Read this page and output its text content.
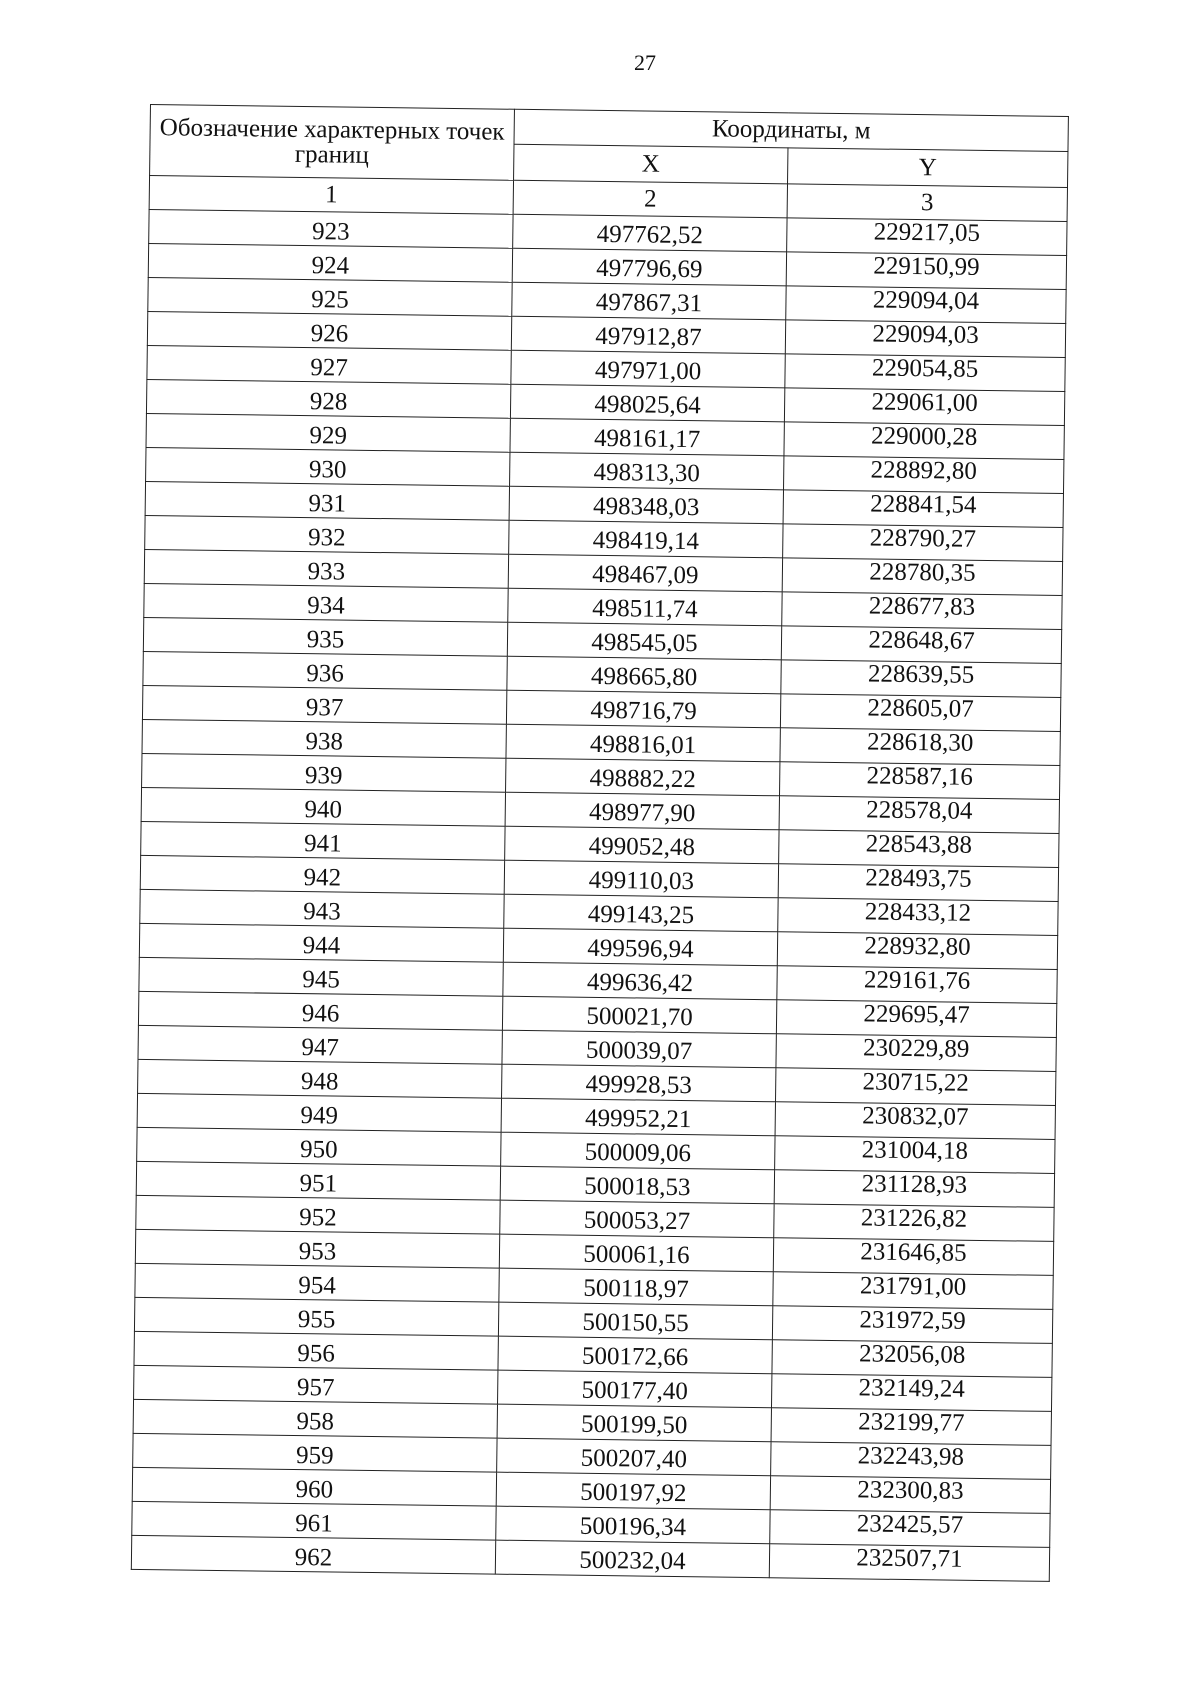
27
Обозначение характерных точек границ	Координаты, м	
	X	Y
1	2	3
923	497762,52	229217,05
924	497796,69	229150,99
925	497867,31	229094,04
926	497912,87	229094,03
927	497971,00	229054,85
928	498025,64	229061,00
929	498161,17	229000,28
930	498313,30	228892,80
931	498348,03	228841,54
932	498419,14	228790,27
933	498467,09	228780,35
934	498511,74	228677,83
935	498545,05	228648,67
936	498665,80	228639,55
937	498716,79	228605,07
938	498816,01	228618,30
939	498882,22	228587,16
940	498977,90	228578,04
941	499052,48	228543,88
942	499110,03	228493,75
943	499143,25	228433,12
944	499596,94	228932,80
945	499636,42	229161,76
946	500021,70	229695,47
947	500039,07	230229,89
948	499928,53	230715,22
949	499952,21	230832,07
950	500009,06	231004,18
951	500018,53	231128,93
952	500053,27	231226,82
953	500061,16	231646,85
954	500118,97	231791,00
955	500150,55	231972,59
956	500172,66	232056,08
957	500177,40	232149,24
958	500199,50	232199,77
959	500207,40	232243,98
960	500197,92	232300,83
961	500196,34	232425,57
962	500232,04	232507,71
